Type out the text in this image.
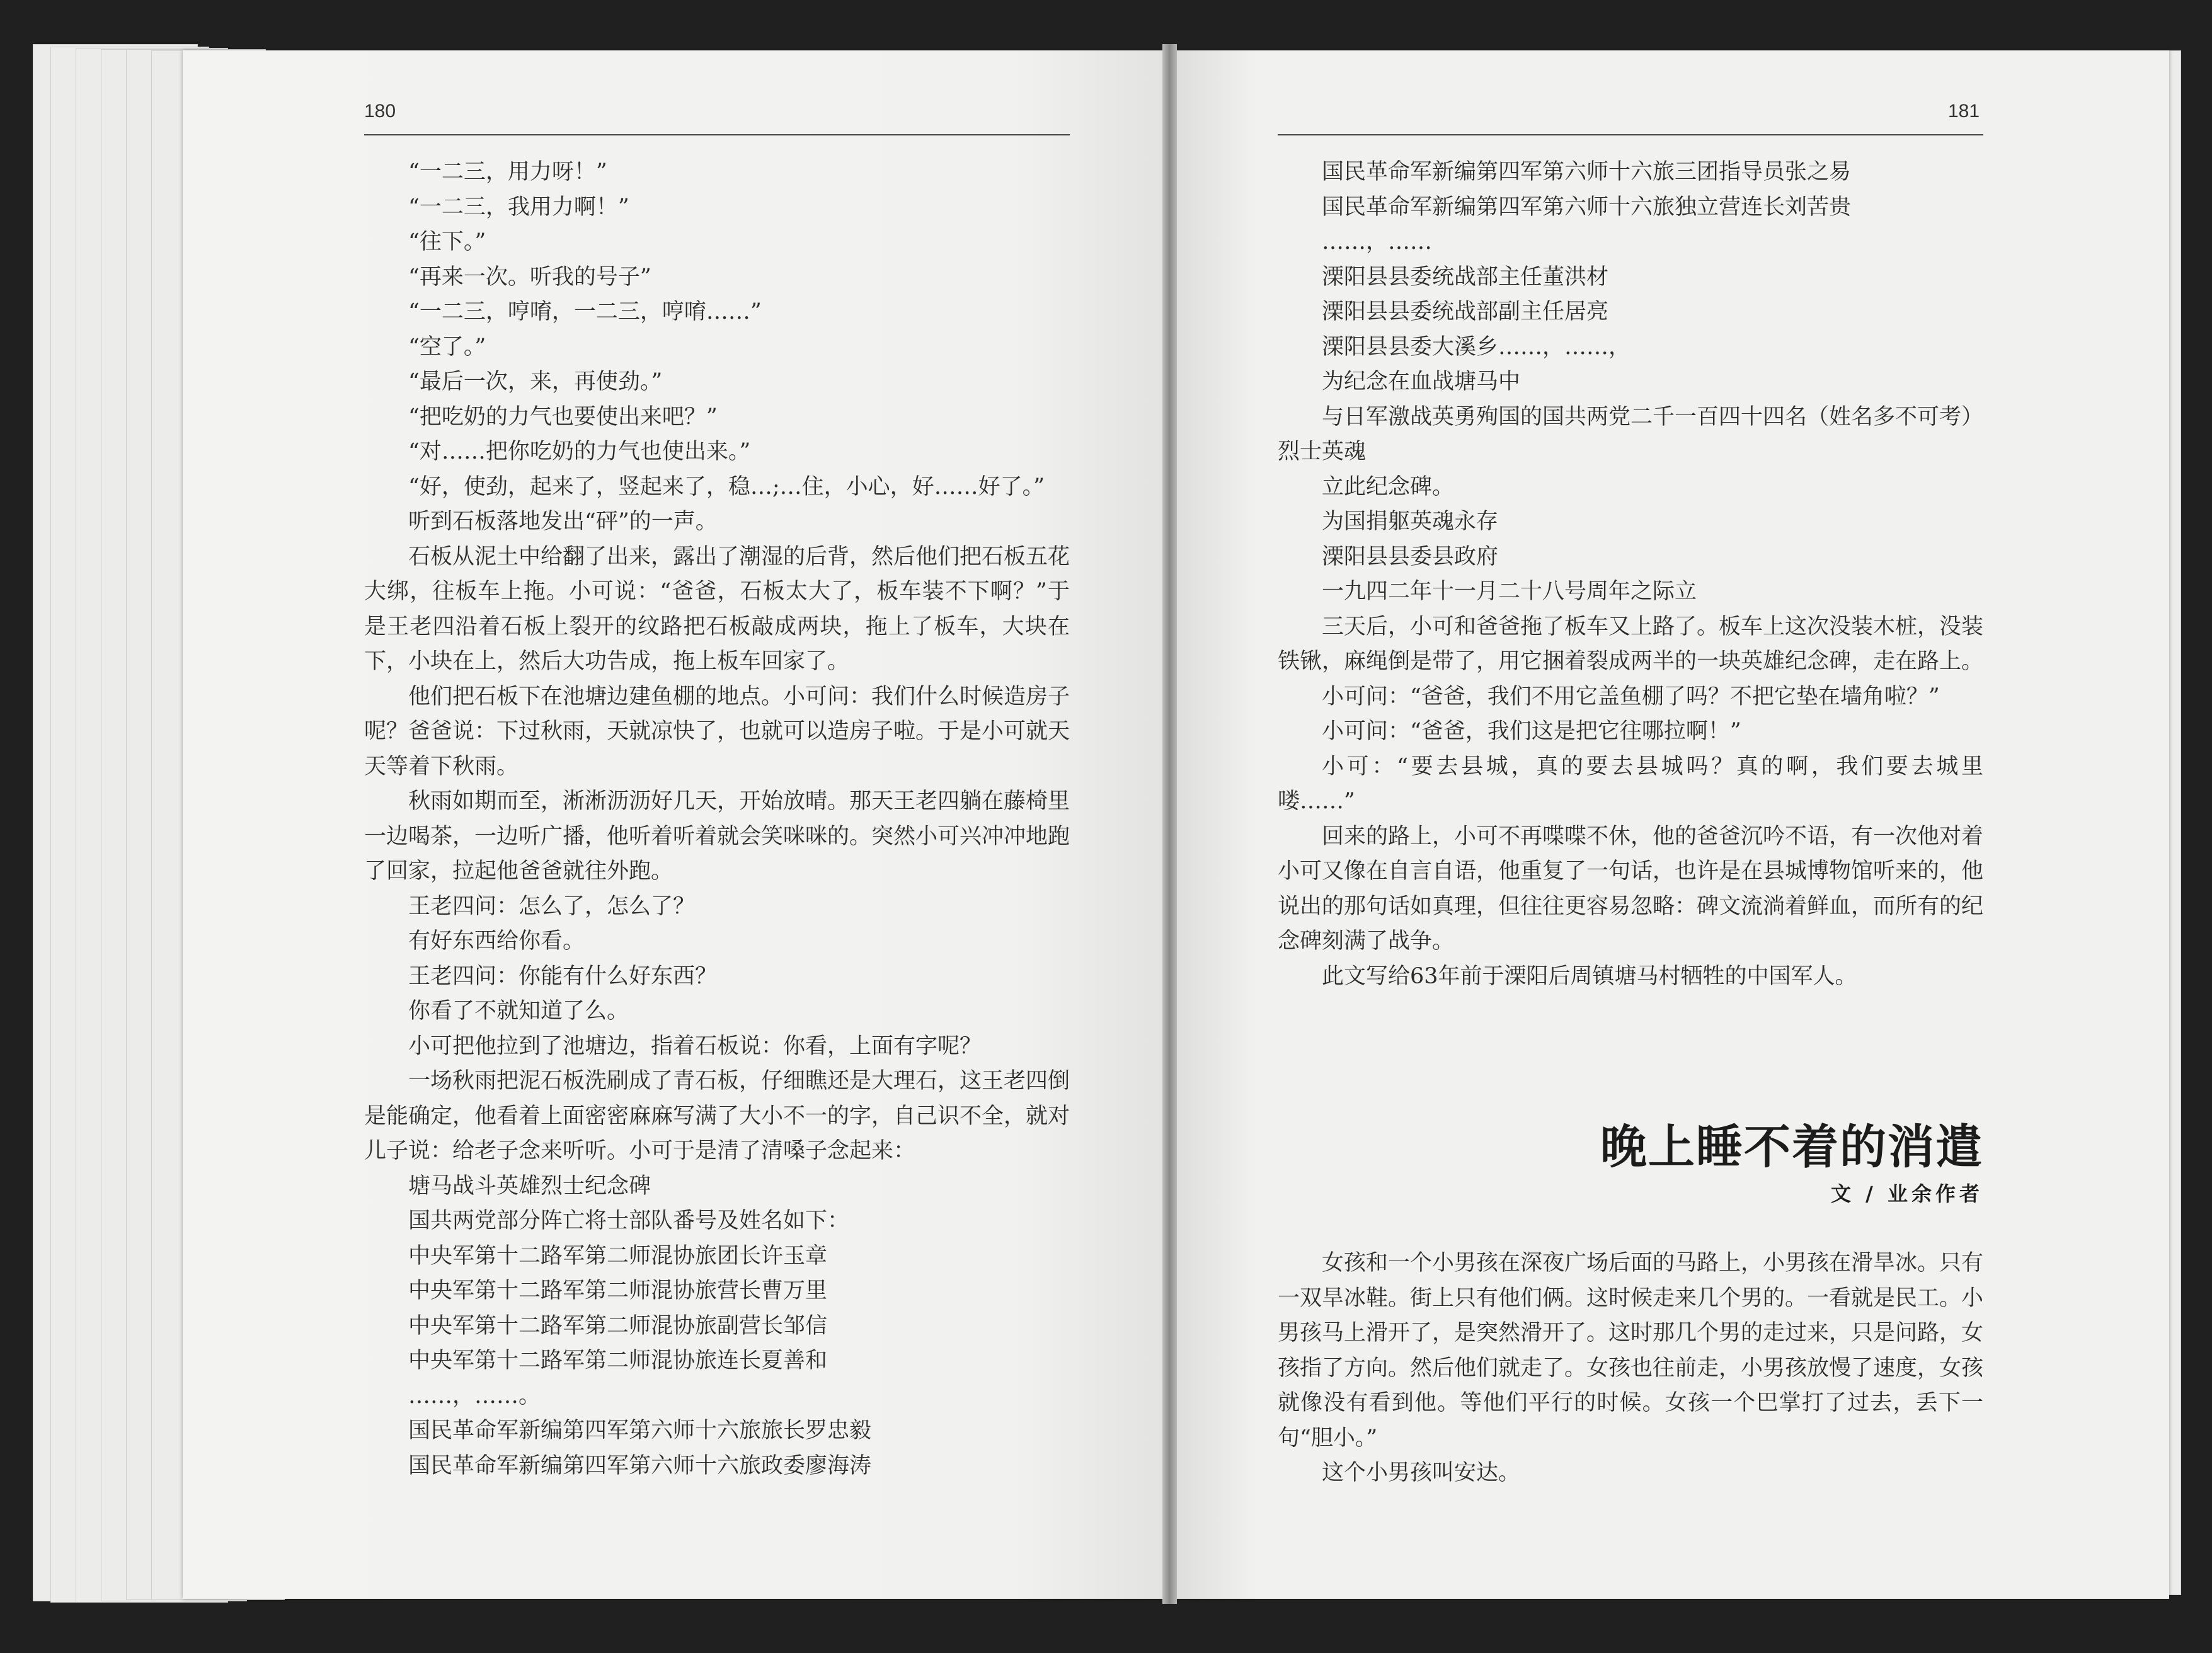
180	181

“一二三，用力呀！”

“一二三，我用力啊！”

“往下。”

“再来一次。听我的号子”

“一二三，哼唷，一二三，哼唷……”

“空了。”

“最后一次，来，再使劲。”

“把吃奶的力气也要使出来吧？”

“对……把你吃奶的力气也使出来。”

“好，使劲，起来了，竖起来了，稳…;…住，小心，好……好了。”

听到石板落地发出“砰”的一声。

石板从泥土中给翻了出来，露出了潮湿的后背，然后他们把石板五花大绑，往板车上拖。小可说：“爸爸，石板太大了，板车装不下啊？”于是王老四沿着石板上裂开的纹路把石板敲成两块，拖上了板车，大块在下，小块在上，然后大功告成，拖上板车回家了。

他们把石板下在池塘边建鱼棚的地点。小可问：我们什么时候造房子呢？爸爸说：下过秋雨，天就凉快了，也就可以造房子啦。于是小可就天天等着下秋雨。

秋雨如期而至，淅淅沥沥好几天，开始放晴。那天王老四躺在藤椅里一边喝茶，一边听广播，他听着听着就会笑咪咪的。突然小可兴冲冲地跑了回家，拉起他爸爸就往外跑。

王老四问：怎么了，怎么了？

有好东西给你看。

王老四问：你能有什么好东西？

你看了不就知道了么。

小可把他拉到了池塘边，指着石板说：你看，上面有字呢？

一场秋雨把泥石板洗刷成了青石板，仔细瞧还是大理石，这王老四倒是能确定，他看着上面密密麻麻写满了大小不一的字，自己识不全，就对儿子说：给老子念来听听。小可于是清了清嗓子念起来：

塘马战斗英雄烈士纪念碑

国共两党部分阵亡将士部队番号及姓名如下：

中央军第十二路军第二师混协旅团长许玉章

中央军第十二路军第二师混协旅营长曹万里

中央军第十二路军第二师混协旅副营长邹信

中央军第十二路军第二师混协旅连长夏善和

……，……。

国民革命军新编第四军第六师十六旅旅长罗忠毅

国民革命军新编第四军第六师十六旅政委廖海涛

国民革命军新编第四军第六师十六旅三团指导员张之易

国民革命军新编第四军第六师十六旅独立营连长刘苦贵

……，……

溧阳县县委统战部主任董洪材

溧阳县县委统战部副主任居亮

溧阳县县委大溪乡……，……，

为纪念在血战塘马中

与日军激战英勇殉国的国共两党二千一百四十四名（姓名多不可考）烈士英魂

立此纪念碑。

为国捐躯英魂永存

溧阳县县委县政府

一九四二年十一月二十八号周年之际立

三天后，小可和爸爸拖了板车又上路了。板车上这次没装木桩，没装铁锹，麻绳倒是带了，用它捆着裂成两半的一块英雄纪念碑，走在路上。

小可问：“爸爸，我们不用它盖鱼棚了吗？不把它垫在墙角啦？”

小可问：“爸爸，我们这是把它往哪拉啊！”

小可：“要去县城，真的要去县城吗？真的啊，我们要去城里喽……”

回来的路上，小可不再喋喋不休，他的爸爸沉吟不语，有一次他对着小可又像在自言自语，他重复了一句话，也许是在县城博物馆听来的，他说出的那句话如真理，但往往更容易忽略：碑文流淌着鲜血，而所有的纪念碑刻满了战争。

此文写给63年前于溧阳后周镇塘马村牺牲的中国军人。

晚上睡不着的消遣
文 / 业余作者

女孩和一个小男孩在深夜广场后面的马路上，小男孩在滑旱冰。只有一双旱冰鞋。街上只有他们俩。这时候走来几个男的。一看就是民工。小男孩马上滑开了，是突然滑开了。这时那几个男的走过来，只是问路，女孩指了方向。然后他们就走了。女孩也往前走，小男孩放慢了速度，女孩就像没有看到他。等他们平行的时候。女孩一个巴掌打了过去，丢下一句“胆小。”

这个小男孩叫安达。
